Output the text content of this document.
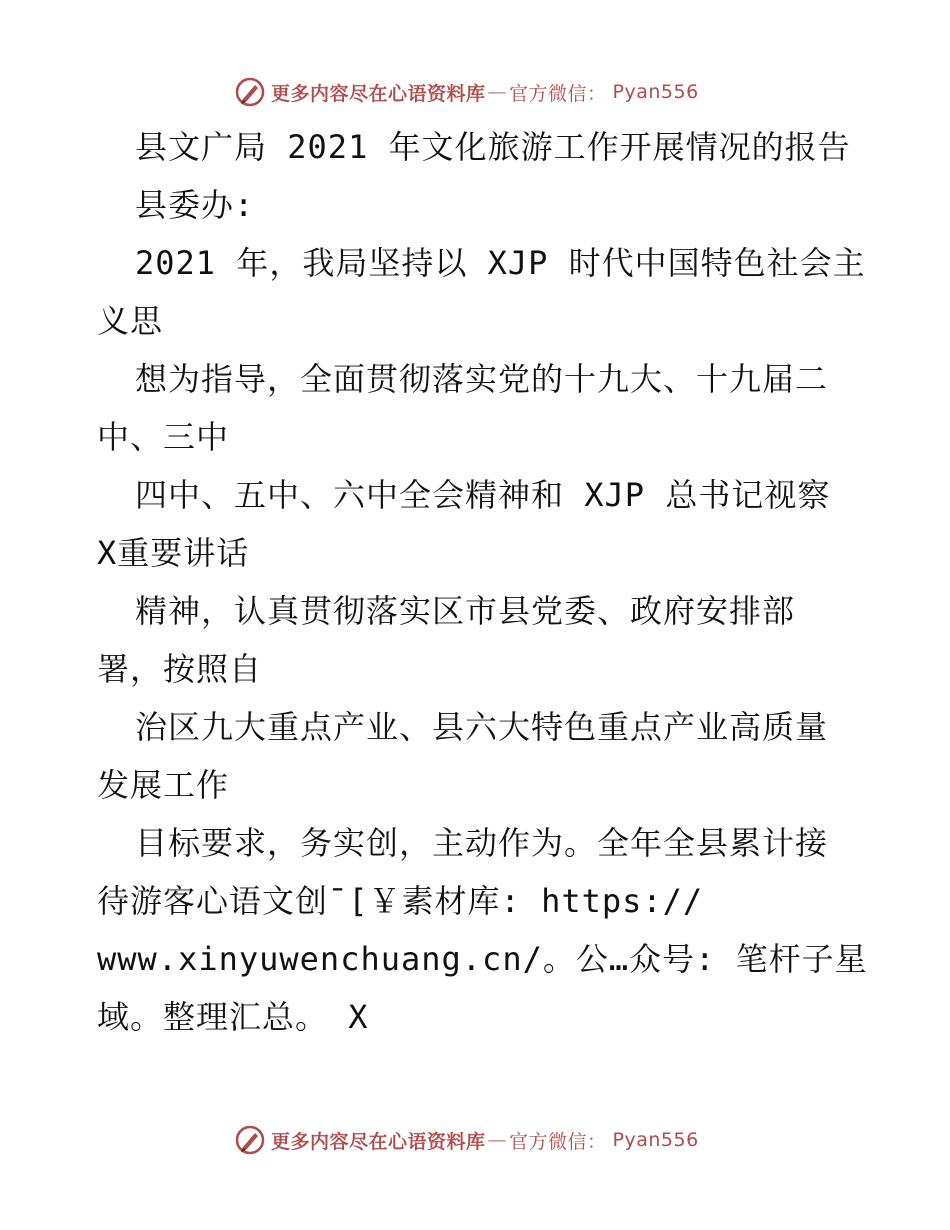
更多内容尽在心语资料库 — 官方微信： Pyan556
县文广局 2021 年文化旅游工作开展情况的报告
县委办:
2021 年，我局坚持以 XJP 时代中国特色社会主
义思
想为指导，全面贯彻落实党的十九大、十九届二
中、三中
四中、五中、六中全会精神和 XJP 总书记视察
X重要讲话
精神，认真贯彻落实区市县党委、政府安排部
署，按照自
治区九大重点产业、县六大特色重点产业高质量
发展工作
目标要求，务实创，主动作为。全年全县累计接
待游客心语文创¯[￥素材库: https://
www.xinyuwenchuang.cn/。公…众号: 笔杆子星
域。整理汇总。 X
更多内容尽在心语资料库 — 官方微信： Pyan556
